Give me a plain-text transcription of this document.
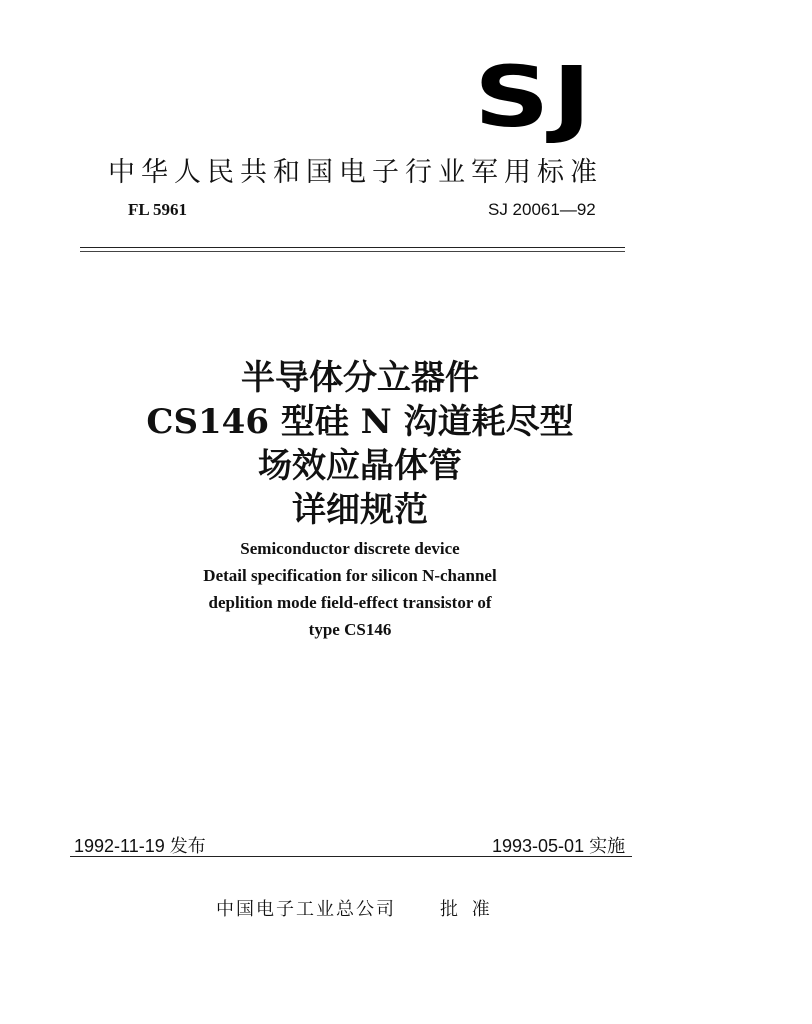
SJ
中华人民共和国电子行业军用标准
FL 5961	SJ 20061—92
半导体分立器件
CS146 型硅 N 沟道耗尽型
场效应晶体管
详细规范
Semiconductor discrete device
Detail specification for silicon N-channel
deplition mode field-effect transistor of
type CS146
1992-11-19 发布	1993-05-01 实施
中国电子工业总公司 批 准
